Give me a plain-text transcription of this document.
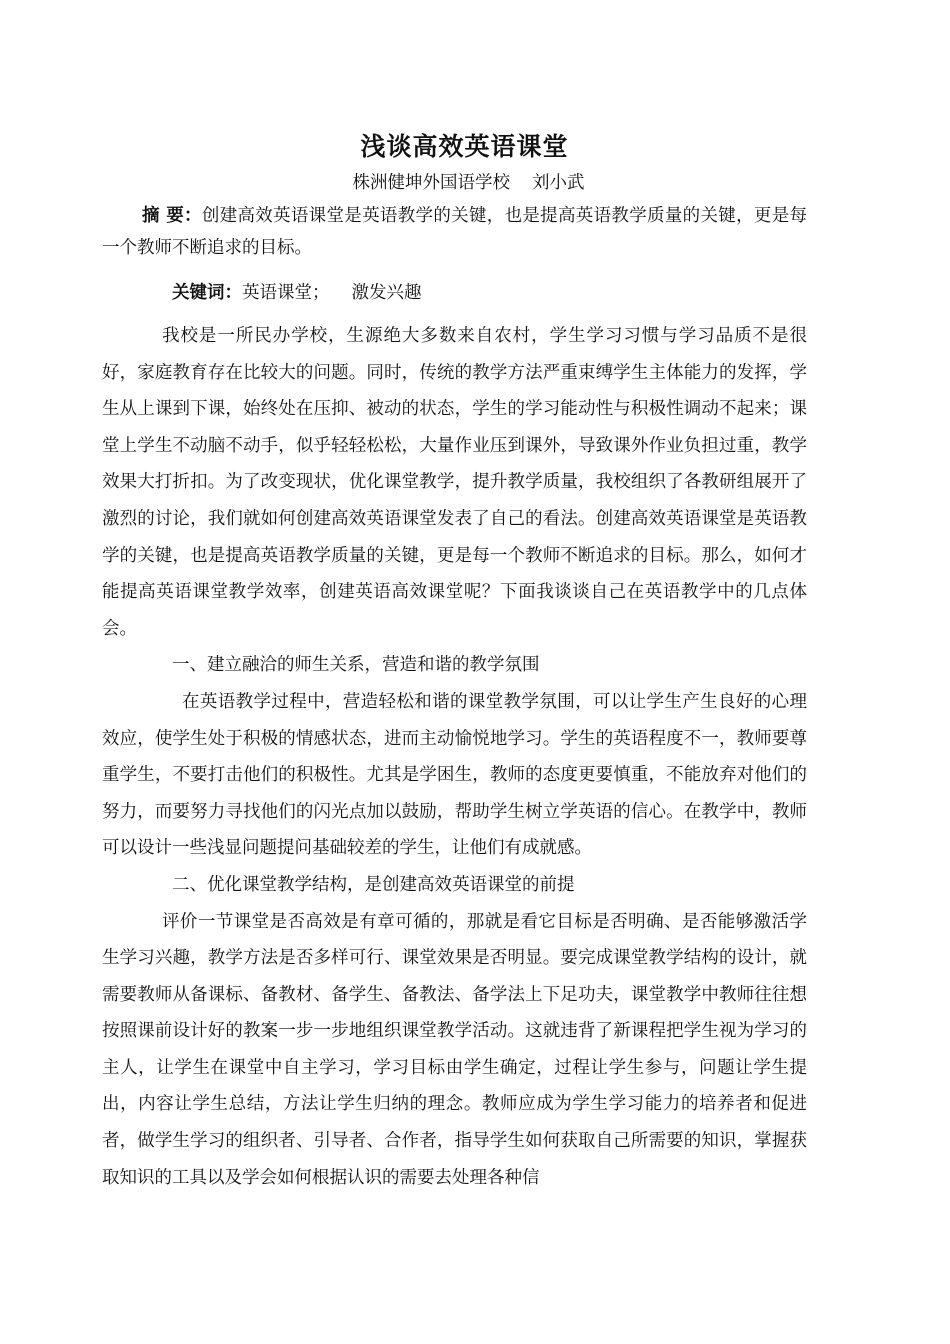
浅谈高效英语课堂
株洲健坤外国语学校 刘小武

摘 要：创建高效英语课堂是英语教学的关键，也是提高英语教学质量的关键，更是每一个教师不断追求的目标。

关键词：英语课堂； 激发兴趣

我校是一所民办学校，生源绝大多数来自农村，学生学习习惯与学习品质不是很好，家庭教育存在比较大的问题。同时，传统的教学方法严重束缚学生主体能力的发挥，学生从上课到下课，始终处在压抑、被动的状态，学生的学习能动性与积极性调动不起来；课堂上学生不动脑不动手，似乎轻轻松松，大量作业压到课外，导致课外作业负担过重，教学效果大打折扣。为了改变现状，优化课堂教学，提升教学质量，我校组织了各教研组展开了激烈的讨论，我们就如何创建高效英语课堂发表了自己的看法。创建高效英语课堂是英语教学的关键，也是提高英语教学质量的关键，更是每一个教师不断追求的目标。那么，如何才能提高英语课堂教学效率，创建英语高效课堂呢？下面我谈谈自己在英语教学中的几点体会。

一、建立融洽的师生关系，营造和谐的教学氛围

在英语教学过程中，营造轻松和谐的课堂教学氛围，可以让学生产生良好的心理效应，使学生处于积极的情感状态，进而主动愉悦地学习。学生的英语程度不一，教师要尊重学生，不要打击他们的积极性。尤其是学困生，教师的态度更要慎重，不能放弃对他们的努力，而要努力寻找他们的闪光点加以鼓励，帮助学生树立学英语的信心。在教学中，教师可以设计一些浅显问题提问基础较差的学生，让他们有成就感。

二、优化课堂教学结构，是创建高效英语课堂的前提

评价一节课堂是否高效是有章可循的，那就是看它目标是否明确、是否能够激活学生学习兴趣，教学方法是否多样可行、课堂效果是否明显。要完成课堂教学结构的设计，就需要教师从备课标、备教材、备学生、备教法、备学法上下足功夫，课堂教学中教师往往想按照课前设计好的教案一步一步地组织课堂教学活动。这就违背了新课程把学生视为学习的主人，让学生在课堂中自主学习，学习目标由学生确定，过程让学生参与，问题让学生提出，内容让学生总结，方法让学生归纳的理念。教师应成为学生学习能力的培养者和促进者，做学生学习的组织者、引导者、合作者，指导学生如何获取自己所需要的知识，掌握获取知识的工具以及学会如何根据认识的需要去处理各种信
